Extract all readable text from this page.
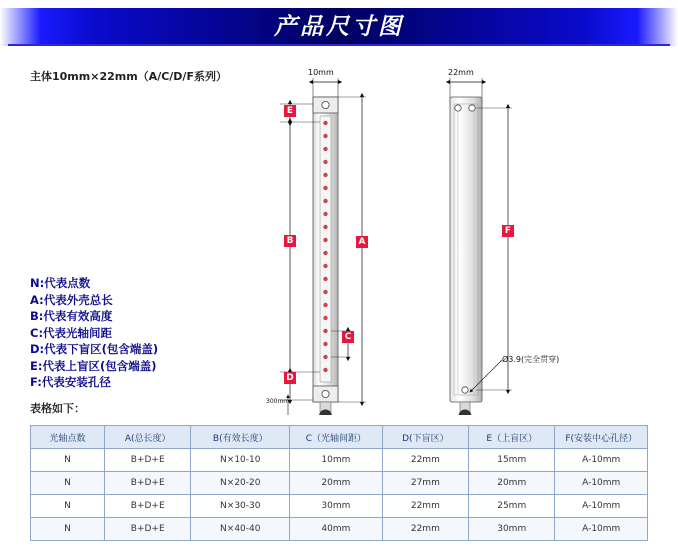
产品尺寸图
主体10mm×22mm（A/C/D/F系列）
N:代表点数
A:代表外壳总长
B:代表有效高度
C:代表光轴间距
D:代表下盲区(包含端盖)
E:代表上盲区(包含端盖)
F:代表安装孔径
表格如下：
10mm	22mm
300mm
Ø3.9(完全贯穿)
E
B
D
A
C
F
光轴点数	A(总长度）	B(有效长度）	C（光轴间距）	D(下盲区）	E（上盲区）	F(安装中心孔径）
N	B+D+E	N×10-10	10mm	22mm	15mm	A-10mm
N	B+D+E	N×20-20	20mm	27mm	20mm	A-10mm
N	B+D+E	N×30-30	30mm	22mm	25mm	A-10mm
N	B+D+E	N×40-40	40mm	22mm	30mm	A-10mm
